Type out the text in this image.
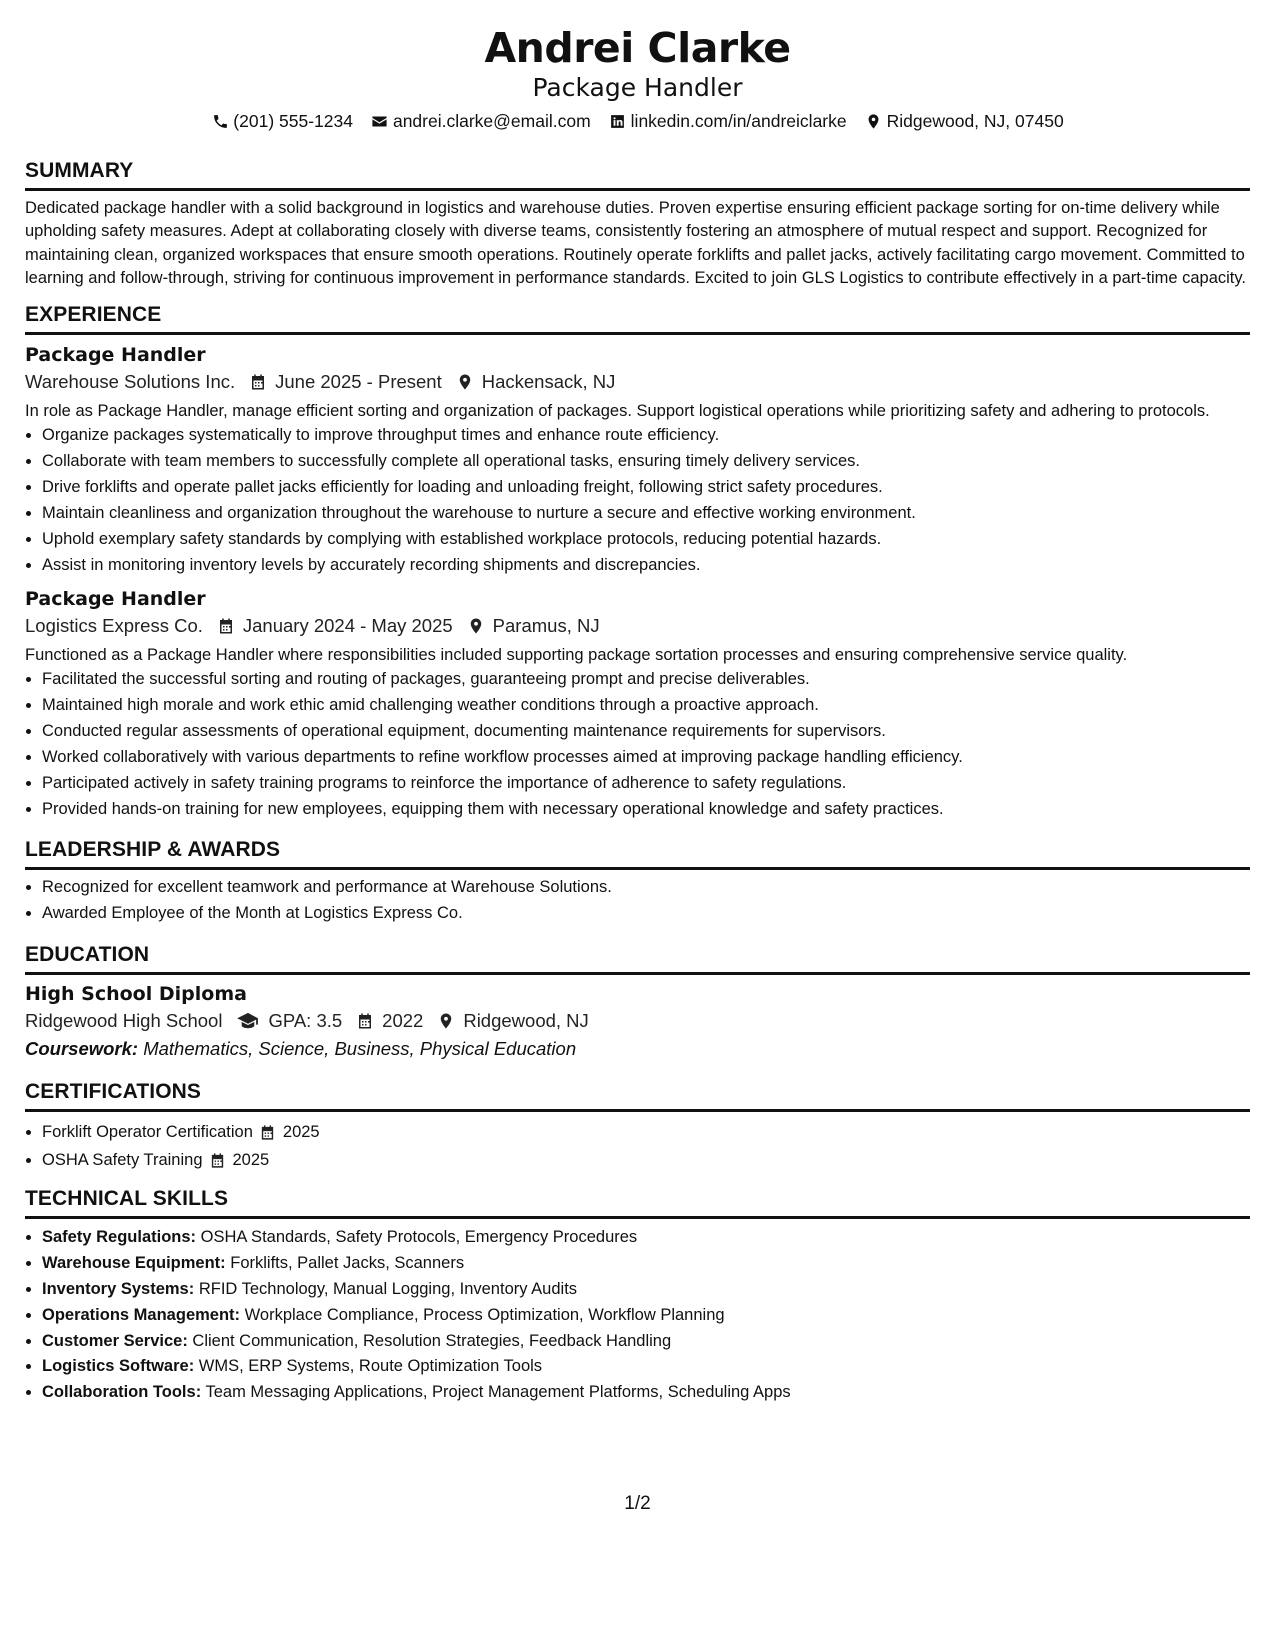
Andrei Clarke
Package Handler
(201) 555-1234 andrei.clarke@email.com linkedin.com/in/andreiclarke Ridgewood, NJ, 07450
SUMMARY

Dedicated package handler with a solid background in logistics and warehouse duties. Proven expertise ensuring efficient package sorting for on-time delivery while upholding safety measures. Adept at collaborating closely with diverse teams, consistently fostering an atmosphere of mutual respect and support. Recognized for maintaining clean, organized workspaces that ensure smooth operations. Routinely operate forklifts and pallet jacks, actively facilitating cargo movement. Committed to learning and follow-through, striving for continuous improvement in performance standards. Excited to join GLS Logistics to contribute effectively in a part-time capacity.

EXPERIENCE
Package Handler
Warehouse Solutions Inc. June 2025 - Present Hackensack, NJ

In role as Package Handler, manage efficient sorting and organization of packages. Support logistical operations while prioritizing safety and adhering to protocols.

• Organize packages systematically to improve throughput times and enhance route efficiency.
• Collaborate with team members to successfully complete all operational tasks, ensuring timely delivery services.
• Drive forklifts and operate pallet jacks efficiently for loading and unloading freight, following strict safety procedures.
• Maintain cleanliness and organization throughout the warehouse to nurture a secure and effective working environment.
• Uphold exemplary safety standards by complying with established workplace protocols, reducing potential hazards.
• Assist in monitoring inventory levels by accurately recording shipments and discrepancies.
Package Handler
Logistics Express Co. January 2024 - May 2025 Paramus, NJ

Functioned as a Package Handler where responsibilities included supporting package sortation processes and ensuring comprehensive service quality.

• Facilitated the successful sorting and routing of packages, guaranteeing prompt and precise deliverables.
• Maintained high morale and work ethic amid challenging weather conditions through a proactive approach.
• Conducted regular assessments of operational equipment, documenting maintenance requirements for supervisors.
• Worked collaboratively with various departments to refine workflow processes aimed at improving package handling efficiency.
• Participated actively in safety training programs to reinforce the importance of adherence to safety regulations.
• Provided hands-on training for new employees, equipping them with necessary operational knowledge and safety practices.
LEADERSHIP & AWARDS
• Recognized for excellent teamwork and performance at Warehouse Solutions.
• Awarded Employee of the Month at Logistics Express Co.
EDUCATION
High School Diploma
Ridgewood High School GPA: 3.5 2022 Ridgewood, NJ
Coursework: Mathematics, Science, Business, Physical Education
CERTIFICATIONS
• Forklift Operator Certification 2025
• OSHA Safety Training 2025
TECHNICAL SKILLS
• Safety Regulations: OSHA Standards, Safety Protocols, Emergency Procedures
• Warehouse Equipment: Forklifts, Pallet Jacks, Scanners
• Inventory Systems: RFID Technology, Manual Logging, Inventory Audits
• Operations Management: Workplace Compliance, Process Optimization, Workflow Planning
• Customer Service: Client Communication, Resolution Strategies, Feedback Handling
• Logistics Software: WMS, ERP Systems, Route Optimization Tools
• Collaboration Tools: Team Messaging Applications, Project Management Platforms, Scheduling Apps
1/2
